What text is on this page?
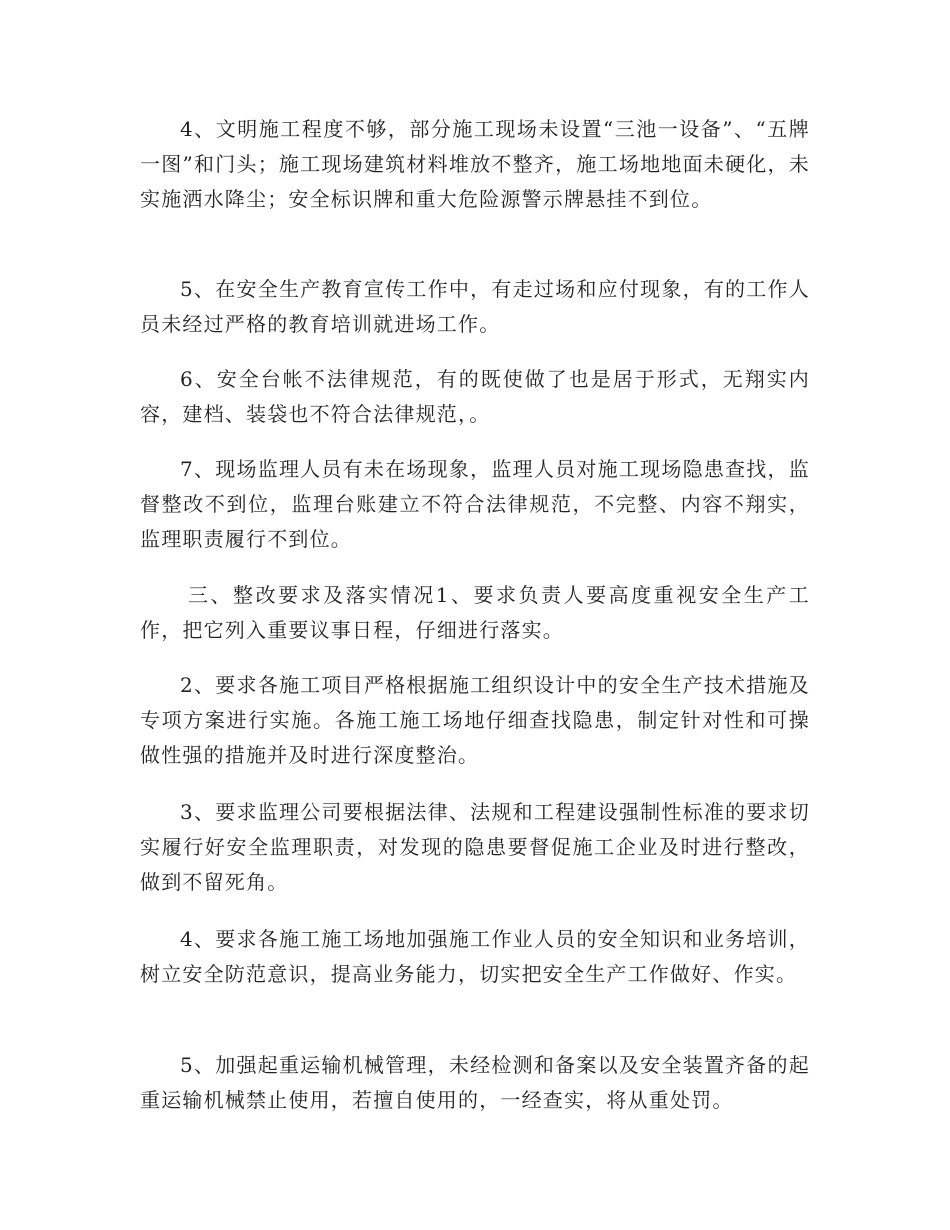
4、文明施工程度不够，部分施工现场未设置“三池一设备”、“五牌一图”和门头；施工现场建筑材料堆放不整齐，施工场地地面未硬化，未实施洒水降尘；安全标识牌和重大危险源警示牌悬挂不到位。

5、在安全生产教育宣传工作中，有走过场和应付现象，有的工作人员未经过严格的教育培训就进场工作。

6、安全台帐不法律规范，有的既使做了也是居于形式，无翔实内容，建档、装袋也不符合法律规范，。

7、现场监理人员有未在场现象，监理人员对施工现场隐患查找，监督整改不到位，监理台账建立不符合法律规范，不完整、内容不翔实，监理职责履行不到位。

三、整改要求及落实情况1、要求负责人要高度重视安全生产工作，把它列入重要议事日程，仔细进行落实。

2、要求各施工项目严格根据施工组织设计中的安全生产技术措施及专项方案进行实施。各施工施工场地仔细查找隐患，制定针对性和可操做性强的措施并及时进行深度整治。

3、要求监理公司要根据法律、法规和工程建设强制性标准的要求切实履行好安全监理职责，对发现的隐患要督促施工企业及时进行整改，做到不留死角。

4、要求各施工施工场地加强施工作业人员的安全知识和业务培训，树立安全防范意识，提高业务能力，切实把安全生产工作做好、作实。

5、加强起重运输机械管理，未经检测和备案以及安全装置齐备的起重运输机械禁止使用，若擅自使用的，一经查实，将从重处罚。
